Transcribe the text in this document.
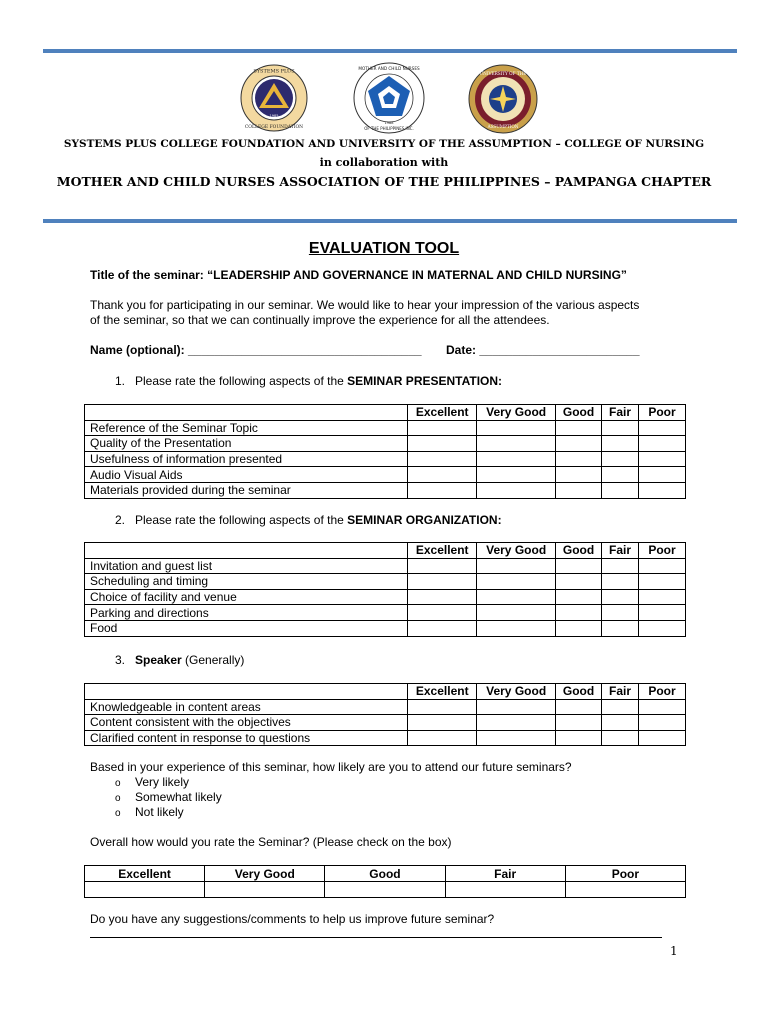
SYSTEMS PLUS
COLLEGE FOUNDATION
1985
MOTHER AND CHILD NURSES
OF THE PHILIPPINES INC.
1988
UNIVERSITY OF THE
ASSUMPTION
SYSTEMS PLUS COLLEGE FOUNDATION AND UNIVERSITY OF THE ASSUMPTION – COLLEGE OF NURSING
in collaboration with
MOTHER AND CHILD NURSES ASSOCIATION OF THE PHILIPPINES – PAMPANGA CHAPTER
EVALUATION TOOL
Title of the seminar: “LEADERSHIP AND GOVERNANCE IN MATERNAL AND CHILD NURSING”
Thank you for participating in our seminar. We would like to hear your impression of the various aspects
of the seminar, so that we can continually improve the experience for all the attendees.
Name (optional): ___________________________________ Date: ________________________
1. Please rate the following aspects of the SEMINAR PRESENTATION:
	Excellent	Very Good	Good	Fair	Poor
Reference of the Seminar Topic					
Quality of the Presentation					
Usefulness of information presented					
Audio Visual Aids					
Materials provided during the seminar					
2. Please rate the following aspects of the SEMINAR ORGANIZATION:
	Excellent	Very Good	Good	Fair	Poor
Invitation and guest list					
Scheduling and timing					
Choice of facility and venue					
Parking and directions					
Food					
3. Speaker (Generally)
	Excellent	Very Good	Good	Fair	Poor
Knowledgeable in content areas					
Content consistent with the objectives					
Clarified content in response to questions					
Based in your experience of this seminar, how likely are you to attend our future seminars?
o Very likely
o Somewhat likely
o Not likely
Overall how would you rate the Seminar? (Please check on the box)
Excellent	Very Good	Good	Fair	Poor

Do you have any suggestions/comments to help us improve future seminar?
1
